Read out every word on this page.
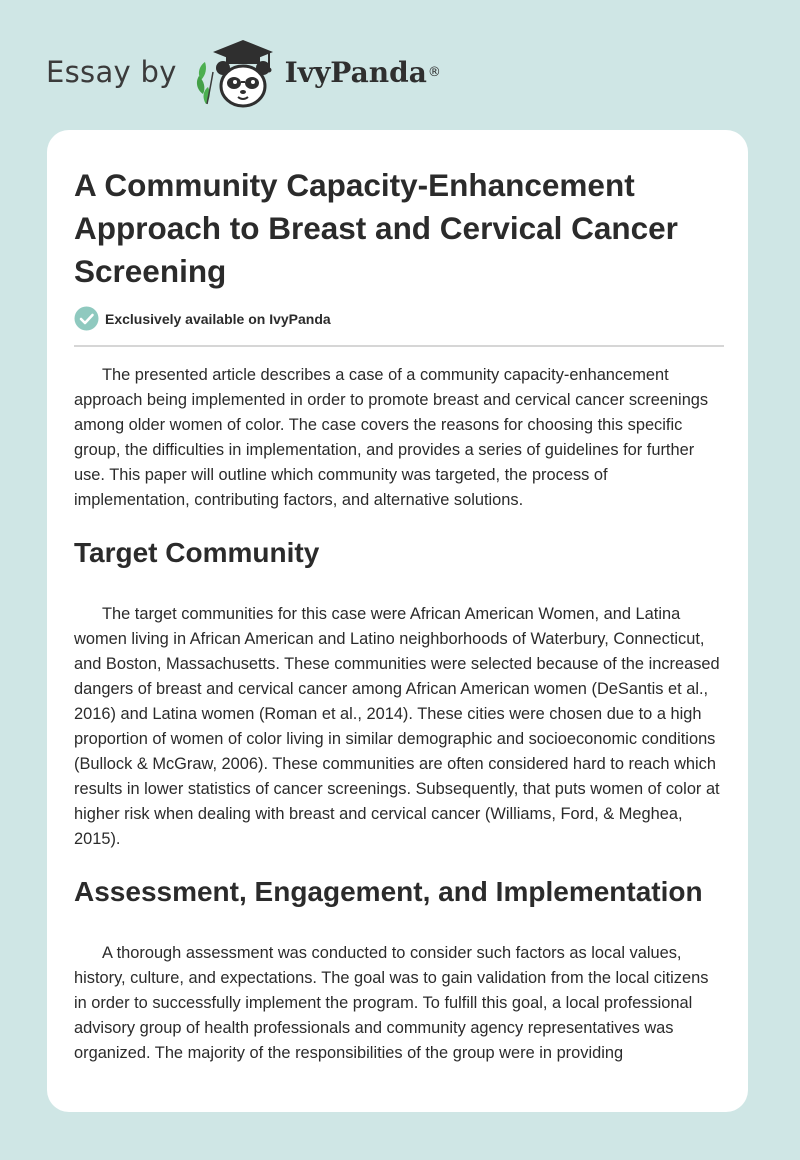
Essay by	IvyPanda ®
A Community Capacity-Enhancement Approach to Breast and Cervical Cancer Screening
Exclusively available on IvyPanda

The presented article describes a case of a community capacity-enhancement approach being implemented in order to promote breast and cervical cancer screenings among older women of color. The case covers the reasons for choosing this specific group, the difficulties in implementation, and provides a series of guidelines for further use. This paper will outline which community was targeted, the process of implementation, contributing factors, and alternative solutions.

Target Community

The target communities for this case were African American Women, and Latina women living in African American and Latino neighborhoods of Waterbury, Connecticut, and Boston, Massachusetts. These communities were selected because of the increased dangers of breast and cervical cancer among African American women (DeSantis et al., 2016) and Latina women (Roman et al., 2014). These cities were chosen due to a high proportion of women of color living in similar demographic and socioeconomic conditions (Bullock & McGraw, 2006). These communities are often considered hard to reach which results in lower statistics of cancer screenings. Subsequently, that puts women of color at higher risk when dealing with breast and cervical cancer (Williams, Ford, & Meghea, 2015).

Assessment, Engagement, and Implementation

A thorough assessment was conducted to consider such factors as local values, history, culture, and expectations. The goal was to gain validation from the local citizens in order to successfully implement the program. To fulfill this goal, a local professional advisory group of health professionals and community agency representatives was organized. The majority of the responsibilities of the group were in providing
